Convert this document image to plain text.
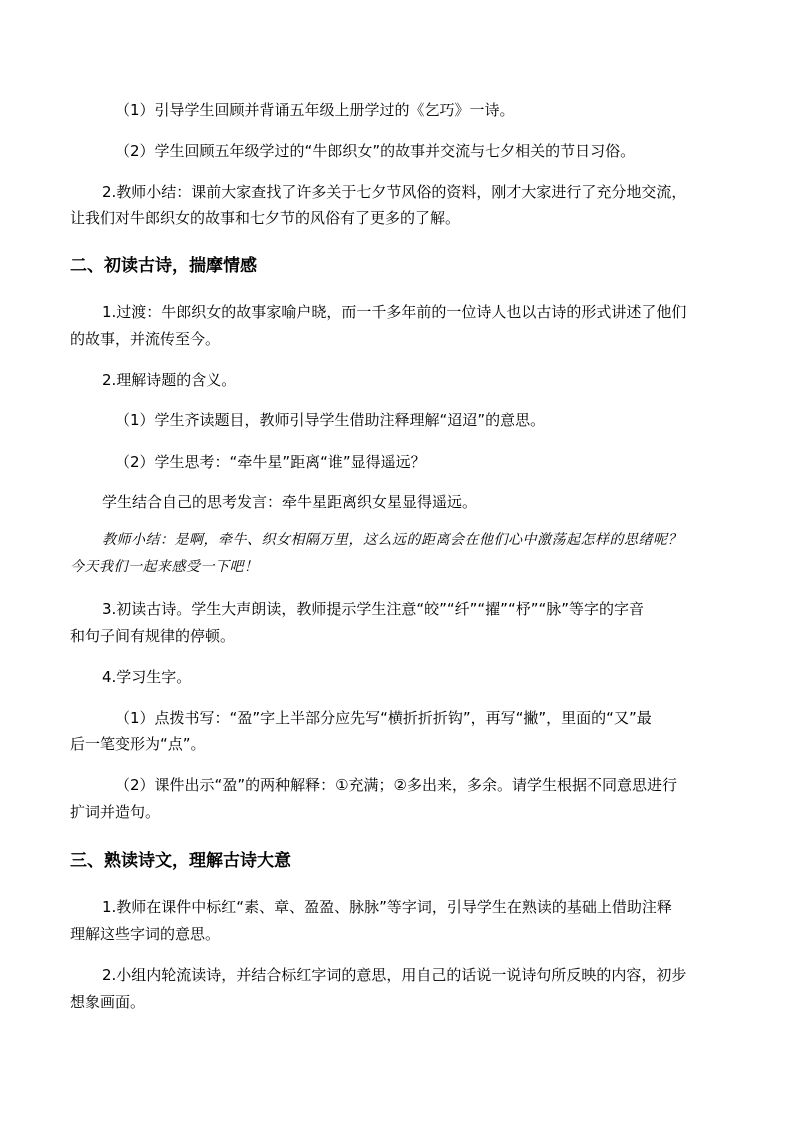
（1）引导学生回顾并背诵五年级上册学过的《乞巧》一诗。
（2）学生回顾五年级学过的“牛郎织女”的故事并交流与七夕相关的节日习俗。
2.教师小结：课前大家查找了许多关于七夕节风俗的资料，刚才大家进行了充分地交流，
让我们对牛郎织女的故事和七夕节的风俗有了更多的了解。
二、初读古诗，揣摩情感
1.过渡：牛郎织女的故事家喻户晓，而一千多年前的一位诗人也以古诗的形式讲述了他们
的故事，并流传至今。
2.理解诗题的含义。
（1）学生齐读题目，教师引导学生借助注释理解“迢迢”的意思。
（2）学生思考：“牵牛星”距离“谁”显得遥远？
学生结合自己的思考发言：牵牛星距离织女星显得遥远。
教师小结：是啊，牵牛、织女相隔万里，这么远的距离会在他们心中激荡起怎样的思绪呢？
今天我们一起来感受一下吧！
3.初读古诗。学生大声朗读，教师提示学生注意“皎”“纤”“擢”“杼”“脉”等字的字音
和句子间有规律的停顿。
4.学习生字。
（1）点拨书写：“盈”字上半部分应先写“横折折折钩”，再写“撇”，里面的“又”最
后一笔变形为“点”。
（2）课件出示“盈”的两种解释：①充满；②多出来，多余。请学生根据不同意思进行
扩词并造句。
三、熟读诗文，理解古诗大意
1.教师在课件中标红“素、章、盈盈、脉脉”等字词，引导学生在熟读的基础上借助注释
理解这些字词的意思。
2.小组内轮流读诗，并结合标红字词的意思，用自己的话说一说诗句所反映的内容，初步
想象画面。
